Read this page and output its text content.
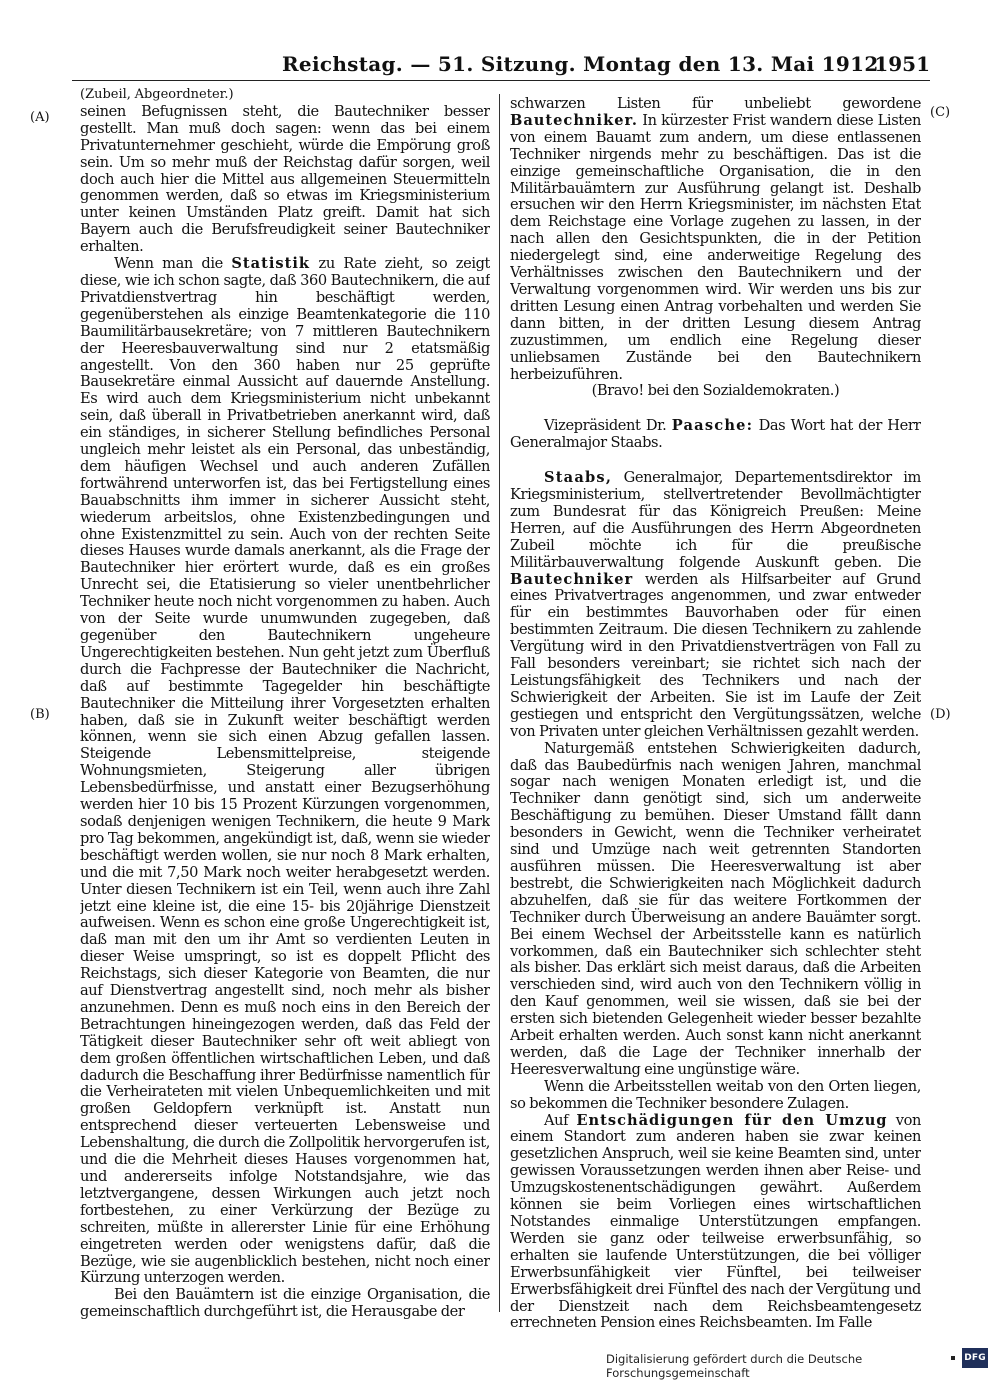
Reichstag. — 51. Sitzung. Montag den 13. Mai 1912.
1951
(A)
(B)
(C)
(D)

(Zubeil, Abgeordneter.)

seinen Befugnissen steht, die Bautechniker besser gestellt. Man muß doch sagen: wenn das bei einem Privatunternehmer geschieht, würde die Empörung groß sein. Um so mehr muß der Reichstag dafür sorgen, weil doch auch hier die Mittel aus allgemeinen Steuermitteln genommen werden, daß so etwas im Kriegsministerium unter keinen Umständen Platz greift. Damit hat sich Bayern auch die Berufsfreudigkeit seiner Bautechniker erhalten.

Wenn man die Statistik zu Rate zieht, so zeigt diese, wie ich schon sagte, daß 360 Bautechnikern, die auf Privatdienstvertrag hin beschäftigt werden, gegenüberstehen als einzige Beamtenkategorie die 110 Baumilitärbausekretäre; von 7 mittleren Bautechnikern der Heeresbauverwaltung sind nur 2 etatsmäßig angestellt. Von den 360 haben nur 25 geprüfte Bausekretäre einmal Aussicht auf dauernde Anstellung. Es wird auch dem Kriegsministerium nicht unbekannt sein, daß überall in Privatbetrieben anerkannt wird, daß ein ständiges, in sicherer Stellung befindliches Personal ungleich mehr leistet als ein Personal, das unbeständig, dem häufigen Wechsel und auch anderen Zufällen fortwährend unterworfen ist, das bei Fertigstellung eines Bauabschnitts ihm immer in sicherer Aussicht steht, wiederum arbeitslos, ohne Existenzbedingungen und ohne Existenzmittel zu sein. Auch von der rechten Seite dieses Hauses wurde damals anerkannt, als die Frage der Bautechniker hier erörtert wurde, daß es ein großes Unrecht sei, die Etatisierung so vieler unentbehrlicher Techniker heute noch nicht vorgenommen zu haben. Auch von der Seite wurde unumwunden zugegeben, daß gegenüber den Bautechnikern ungeheure Ungerechtigkeiten bestehen. Nun geht jetzt zum Überfluß durch die Fachpresse der Bautechniker die Nachricht, daß auf bestimmte Tagegelder hin beschäftigte Bautechniker die Mitteilung ihrer Vorgesetzten erhalten haben, daß sie in Zukunft weiter beschäftigt werden können, wenn sie sich einen Abzug gefallen lassen. Steigende Lebensmittelpreise, steigende Wohnungsmieten, Steigerung aller übrigen Lebensbedürfnisse, und anstatt einer Bezugserhöhung werden hier 10 bis 15 Prozent Kürzungen vorgenommen, sodaß denjenigen wenigen Technikern, die heute 9 Mark pro Tag bekommen, angekündigt ist, daß, wenn sie wieder beschäftigt werden wollen, sie nur noch 8 Mark erhalten, und die mit 7,50 Mark noch weiter herabgesetzt werden. Unter diesen Technikern ist ein Teil, wenn auch ihre Zahl jetzt eine kleine ist, die eine 15- bis 20jährige Dienstzeit aufweisen. Wenn es schon eine große Ungerechtigkeit ist, daß man mit den um ihr Amt so verdienten Leuten in dieser Weise umspringt, so ist es doppelt Pflicht des Reichstags, sich dieser Kategorie von Beamten, die nur auf Dienstvertrag angestellt sind, noch mehr als bisher anzunehmen. Denn es muß noch eins in den Bereich der Betrachtungen hineingezogen werden, daß das Feld der Tätigkeit dieser Bautechniker sehr oft weit abliegt von dem großen öffentlichen wirtschaftlichen Leben, und daß dadurch die Beschaffung ihrer Bedürfnisse namentlich für die Verheirateten mit vielen Unbequemlichkeiten und mit großen Geldopfern verknüpft ist. Anstatt nun entsprechend dieser verteuerten Lebensweise und Lebenshaltung, die durch die Zollpolitik hervorgerufen ist, und die die Mehrheit dieses Hauses vorgenommen hat, und andererseits infolge Notstandsjahre, wie das letztvergangene, dessen Wirkungen auch jetzt noch fortbestehen, zu einer Verkürzung der Bezüge zu schreiten, müßte in allererster Linie für eine Erhöhung eingetreten werden oder wenigstens dafür, daß die Bezüge, wie sie augenblicklich bestehen, nicht noch einer Kürzung unterzogen werden.

Bei den Bauämtern ist die einzige Organisation, die gemeinschaftlich durchgeführt ist, die Herausgabe der

schwarzen Listen für unbeliebt gewordene Bautechniker. In kürzester Frist wandern diese Listen von einem Bauamt zum andern, um diese entlassenen Techniker nirgends mehr zu beschäftigen. Das ist die einzige gemeinschaftliche Organisation, die in den Militärbauämtern zur Ausführung gelangt ist. Deshalb ersuchen wir den Herrn Kriegsminister, im nächsten Etat dem Reichstage eine Vorlage zugehen zu lassen, in der nach allen den Gesichtspunkten, die in der Petition niedergelegt sind, eine anderweitige Regelung des Verhältnisses zwischen den Bautechnikern und der Verwaltung vorgenommen wird. Wir werden uns bis zur dritten Lesung einen Antrag vorbehalten und werden Sie dann bitten, in der dritten Lesung diesem Antrag zuzustimmen, um endlich eine Regelung dieser unliebsamen Zustände bei den Bautechnikern herbeizuführen.

(Bravo! bei den Sozialdemokraten.)

Vizepräsident Dr. Paasche: Das Wort hat der Herr Generalmajor Staabs.

Staabs, Generalmajor, Departementsdirektor im Kriegsministerium, stellvertretender Bevollmächtigter zum Bundesrat für das Königreich Preußen: Meine Herren, auf die Ausführungen des Herrn Abgeordneten Zubeil möchte ich für die preußische Militärbauverwaltung folgende Auskunft geben. Die Bautechniker werden als Hilfsarbeiter auf Grund eines Privatvertrages angenommen, und zwar entweder für ein bestimmtes Bauvorhaben oder für einen bestimmten Zeitraum. Die diesen Technikern zu zahlende Vergütung wird in den Privatdienstverträgen von Fall zu Fall besonders vereinbart; sie richtet sich nach der Leistungsfähigkeit des Technikers und nach der Schwierigkeit der Arbeiten. Sie ist im Laufe der Zeit gestiegen und entspricht den Vergütungssätzen, welche von Privaten unter gleichen Verhältnissen gezahlt werden.

Naturgemäß entstehen Schwierigkeiten dadurch, daß das Baubedürfnis nach wenigen Jahren, manchmal sogar nach wenigen Monaten erledigt ist, und die Techniker dann genötigt sind, sich um anderweite Beschäftigung zu bemühen. Dieser Umstand fällt dann besonders in Gewicht, wenn die Techniker verheiratet sind und Umzüge nach weit getrennten Standorten ausführen müssen. Die Heeresverwaltung ist aber bestrebt, die Schwierigkeiten nach Möglichkeit dadurch abzuhelfen, daß sie für das weitere Fortkommen der Techniker durch Überweisung an andere Bauämter sorgt. Bei einem Wechsel der Arbeitsstelle kann es natürlich vorkommen, daß ein Bautechniker sich schlechter steht als bisher. Das erklärt sich meist daraus, daß die Arbeiten verschieden sind, wird auch von den Technikern völlig in den Kauf genommen, weil sie wissen, daß sie bei der ersten sich bietenden Gelegenheit wieder besser bezahlte Arbeit erhalten werden. Auch sonst kann nicht anerkannt werden, daß die Lage der Techniker innerhalb der Heeresverwaltung eine ungünstige wäre.

Wenn die Arbeitsstellen weitab von den Orten liegen, so bekommen die Techniker besondere Zulagen.

Auf Entschädigungen für den Umzug von einem Standort zum anderen haben sie zwar keinen gesetzlichen Anspruch, weil sie keine Beamten sind, unter gewissen Voraussetzungen werden ihnen aber Reise- und Umzugskostenentschädigungen gewährt. Außerdem können sie beim Vorliegen eines wirtschaftlichen Notstandes einmalige Unterstützungen empfangen. Werden sie ganz oder teilweise erwerbsunfähig, so erhalten sie laufende Unterstützungen, die bei völliger Erwerbsunfähigkeit vier Fünftel, bei teilweiser Erwerbsfähigkeit drei Fünftel des nach der Vergütung und der Dienstzeit nach dem Reichsbeamtengesetz errechneten Pension eines Reichsbeamten. Im Falle

Digitalisierung gefördert durch die Deutsche Forschungsgemeinschaft
DFG
